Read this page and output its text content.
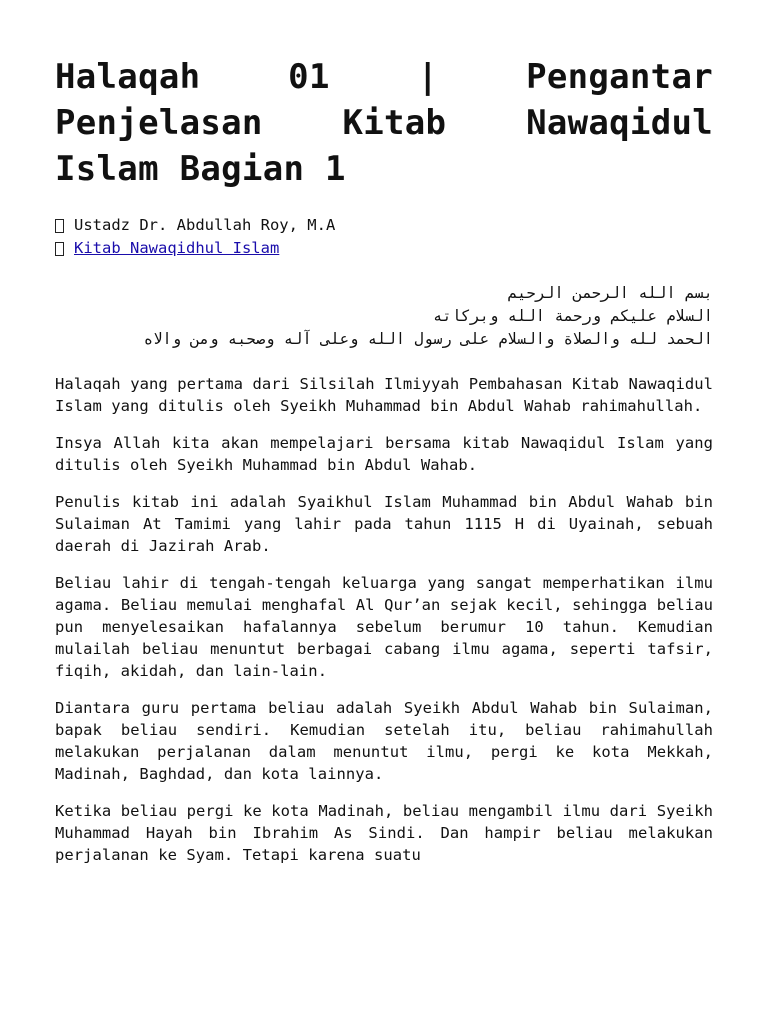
Halaqah 01 | Pengantar Penjelasan Kitab Nawaqidul Islam Bagian 1
Ustadz Dr. Abdullah Roy, M.A
Kitab Nawaqidhul Islam
بسم الله الرحمن الرحيم
السلام عليكم ورحمة الله وبركاته
الحمد لله والصلاة والسلام على رسول الله وعلى آله وصحبه ومن والاه

Halaqah yang pertama dari Silsilah Ilmiyyah Pembahasan Kitab Nawaqidul Islam yang ditulis oleh Syeikh Muhammad bin Abdul Wahab rahimahullah.

Insya Allah kita akan mempelajari bersama kitab Nawaqidul Islam yang ditulis oleh Syeikh Muhammad bin Abdul Wahab.

Penulis kitab ini adalah Syaikhul Islam Muhammad bin Abdul Wahab bin Sulaiman At Tamimi yang lahir pada tahun 1115 H di Uyainah, sebuah daerah di Jazirah Arab.

Beliau lahir di tengah-tengah keluarga yang sangat memperhatikan ilmu agama. Beliau memulai menghafal Al Qur’an sejak kecil, sehingga beliau pun menyelesaikan hafalannya sebelum berumur 10 tahun. Kemudian mulailah beliau menuntut berbagai cabang ilmu agama, seperti tafsir, fiqih, akidah, dan lain-lain.

Diantara guru pertama beliau adalah Syeikh Abdul Wahab bin Sulaiman, bapak beliau sendiri. Kemudian setelah itu, beliau rahimahullah melakukan perjalanan dalam menuntut ilmu, pergi ke kota Mekkah, Madinah, Baghdad, dan kota lainnya.

Ketika beliau pergi ke kota Madinah, beliau mengambil ilmu dari Syeikh Muhammad Hayah bin Ibrahim As Sindi. Dan hampir beliau melakukan perjalanan ke Syam. Tetapi karena suatu
